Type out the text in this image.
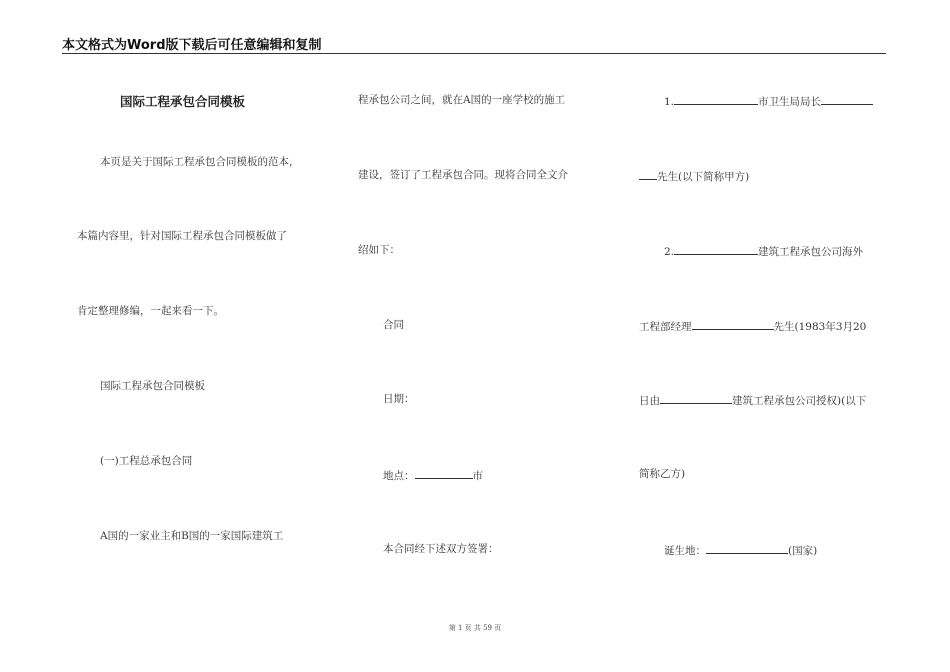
本文格式为Word版下载后可任意编辑和复制
国际工程承包合同模板
本页是关于国际工程承包合同模板的范本，
本篇内容里，针对国际工程承包合同模板做了
肯定整理修编，一起来看一下。
国际工程承包合同模板
(一)工程总承包合同
A国的一家业主和B国的一家国际建筑工
程承包公司之间，就在A国的一座学校的施工
建设，签订了工程承包合同。现将合同全文介
绍如下：
合同
日期：
地点：	市
本合同经下述双方签署：
1.	市卫生局局长
先生(以下简称甲方)
2.	建筑工程承包公司海外
工程部经理	先生(1983年3月20
日由	建筑工程承包公司授权)(以下
简称乙方)
诞生地：	(国家)
第 1 页 共 59 页
